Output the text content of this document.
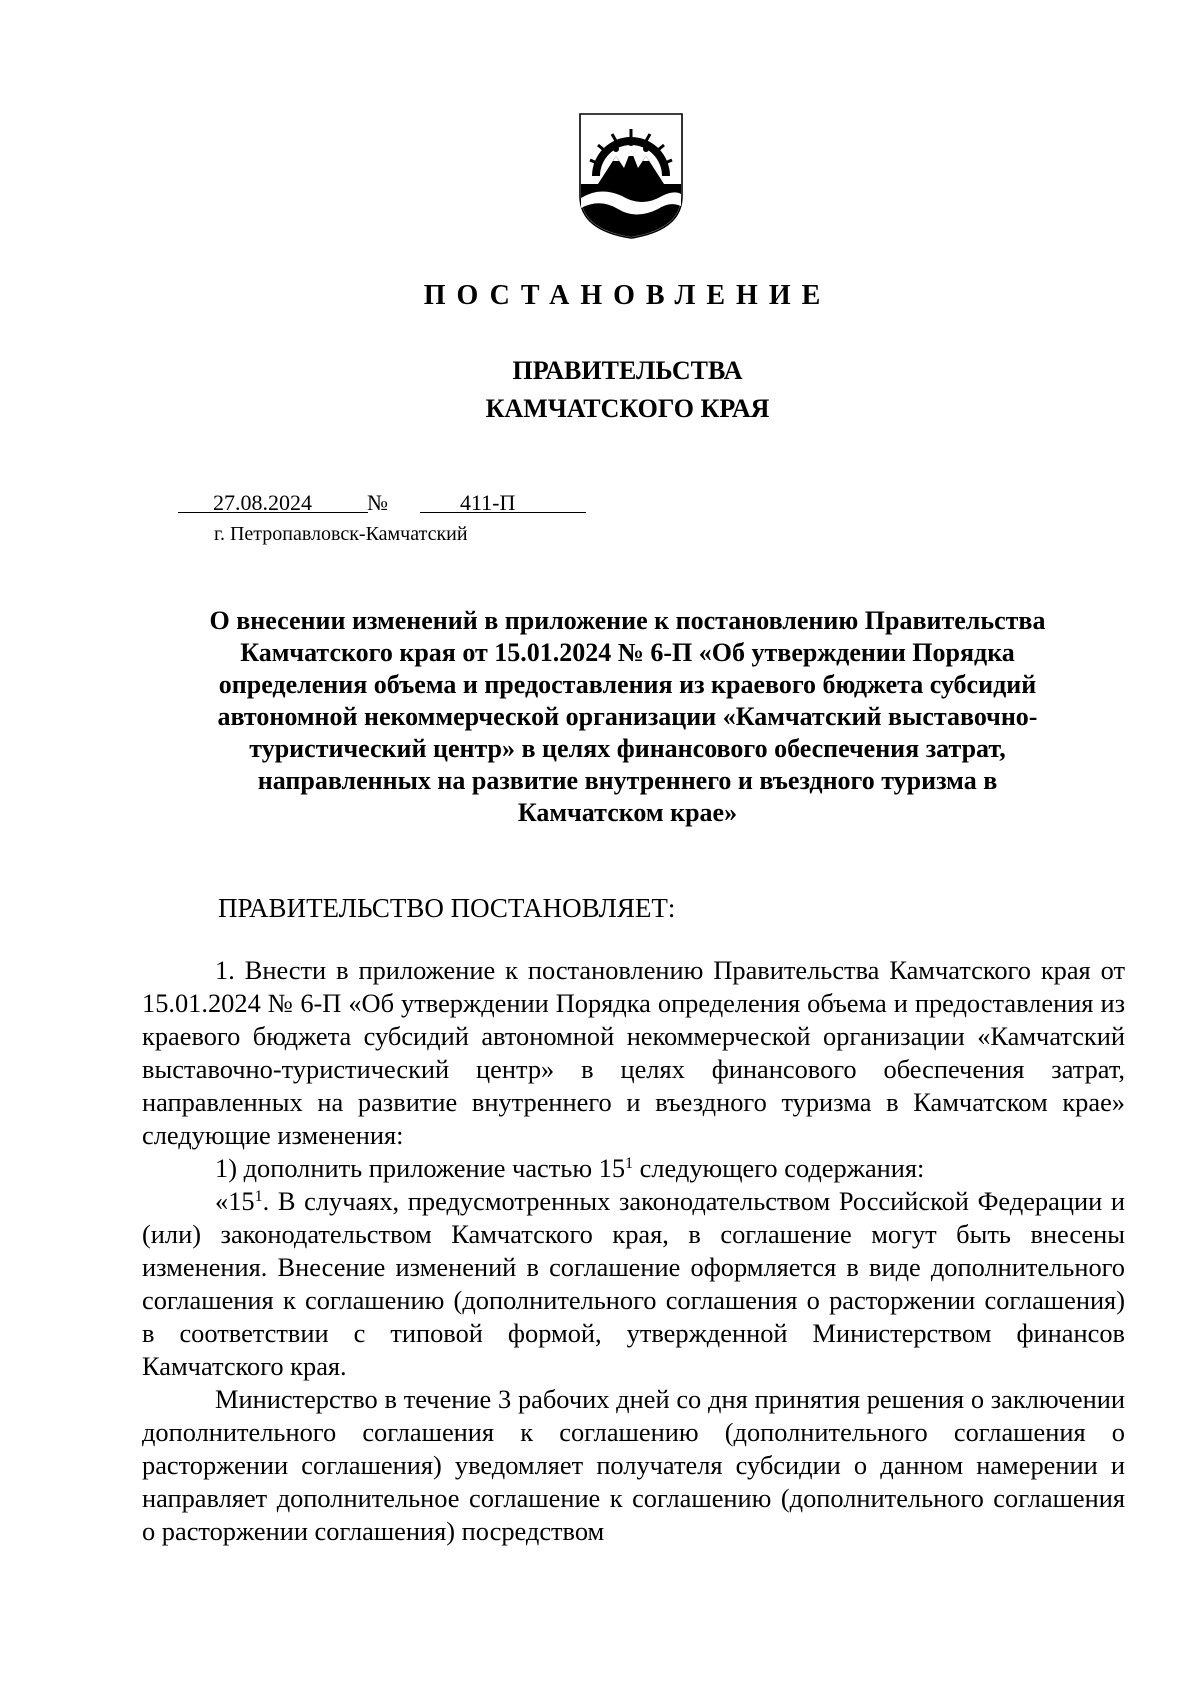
ПОСТАНОВЛЕНИЕ
ПРАВИТЕЛЬСТВА
КАМЧАТСКОГО КРАЯ
27.08.2024	№	411-П
г. Петропавловск-Камчатский
О внесении изменений в приложение к постановлению Правительства
Камчатского края от 15.01.2024 № 6-П «Об утверждении Порядка
определения объема и предоставления из краевого бюджета субсидий
автономной некоммерческой организации «Камчатский выставочно-
туристический центр» в целях финансового обеспечения затрат,
направленных на развитие внутреннего и въездного туризма в
Камчатском крае»
ПРАВИТЕЛЬСТВО ПОСТАНОВЛЯЕТ:

1. Внести в приложение к постановлению Правительства Камчатского края от 15.01.2024 № 6-П «Об утверждении Порядка определения объема и предоставления из краевого бюджета субсидий автономной некоммерческой организации «Камчатский выставочно-туристический центр» в целях финансового обеспечения затрат, направленных на развитие внутреннего и въездного туризма в Камчатском крае» следующие изменения:

1) дополнить приложение частью $15^1$ следующего содержания:

«$15^1$. В случаях, предусмотренных законодательством Российской Федерации и (или) законодательством Камчатского края, в соглашение могут быть внесены изменения. Внесение изменений в соглашение оформляется в виде дополнительного соглашения к соглашению (дополнительного соглашения о расторжении соглашения) в соответствии с типовой формой, утвержденной Министерством финансов Камчатского края.

Министерство в течение 3 рабочих дней со дня принятия решения о заключении дополнительного соглашения к соглашению (дополнительного соглашения о расторжении соглашения) уведомляет получателя субсидии о данном намерении и направляет дополнительное соглашение к соглашению (дополнительного соглашения о расторжении соглашения) посредством
